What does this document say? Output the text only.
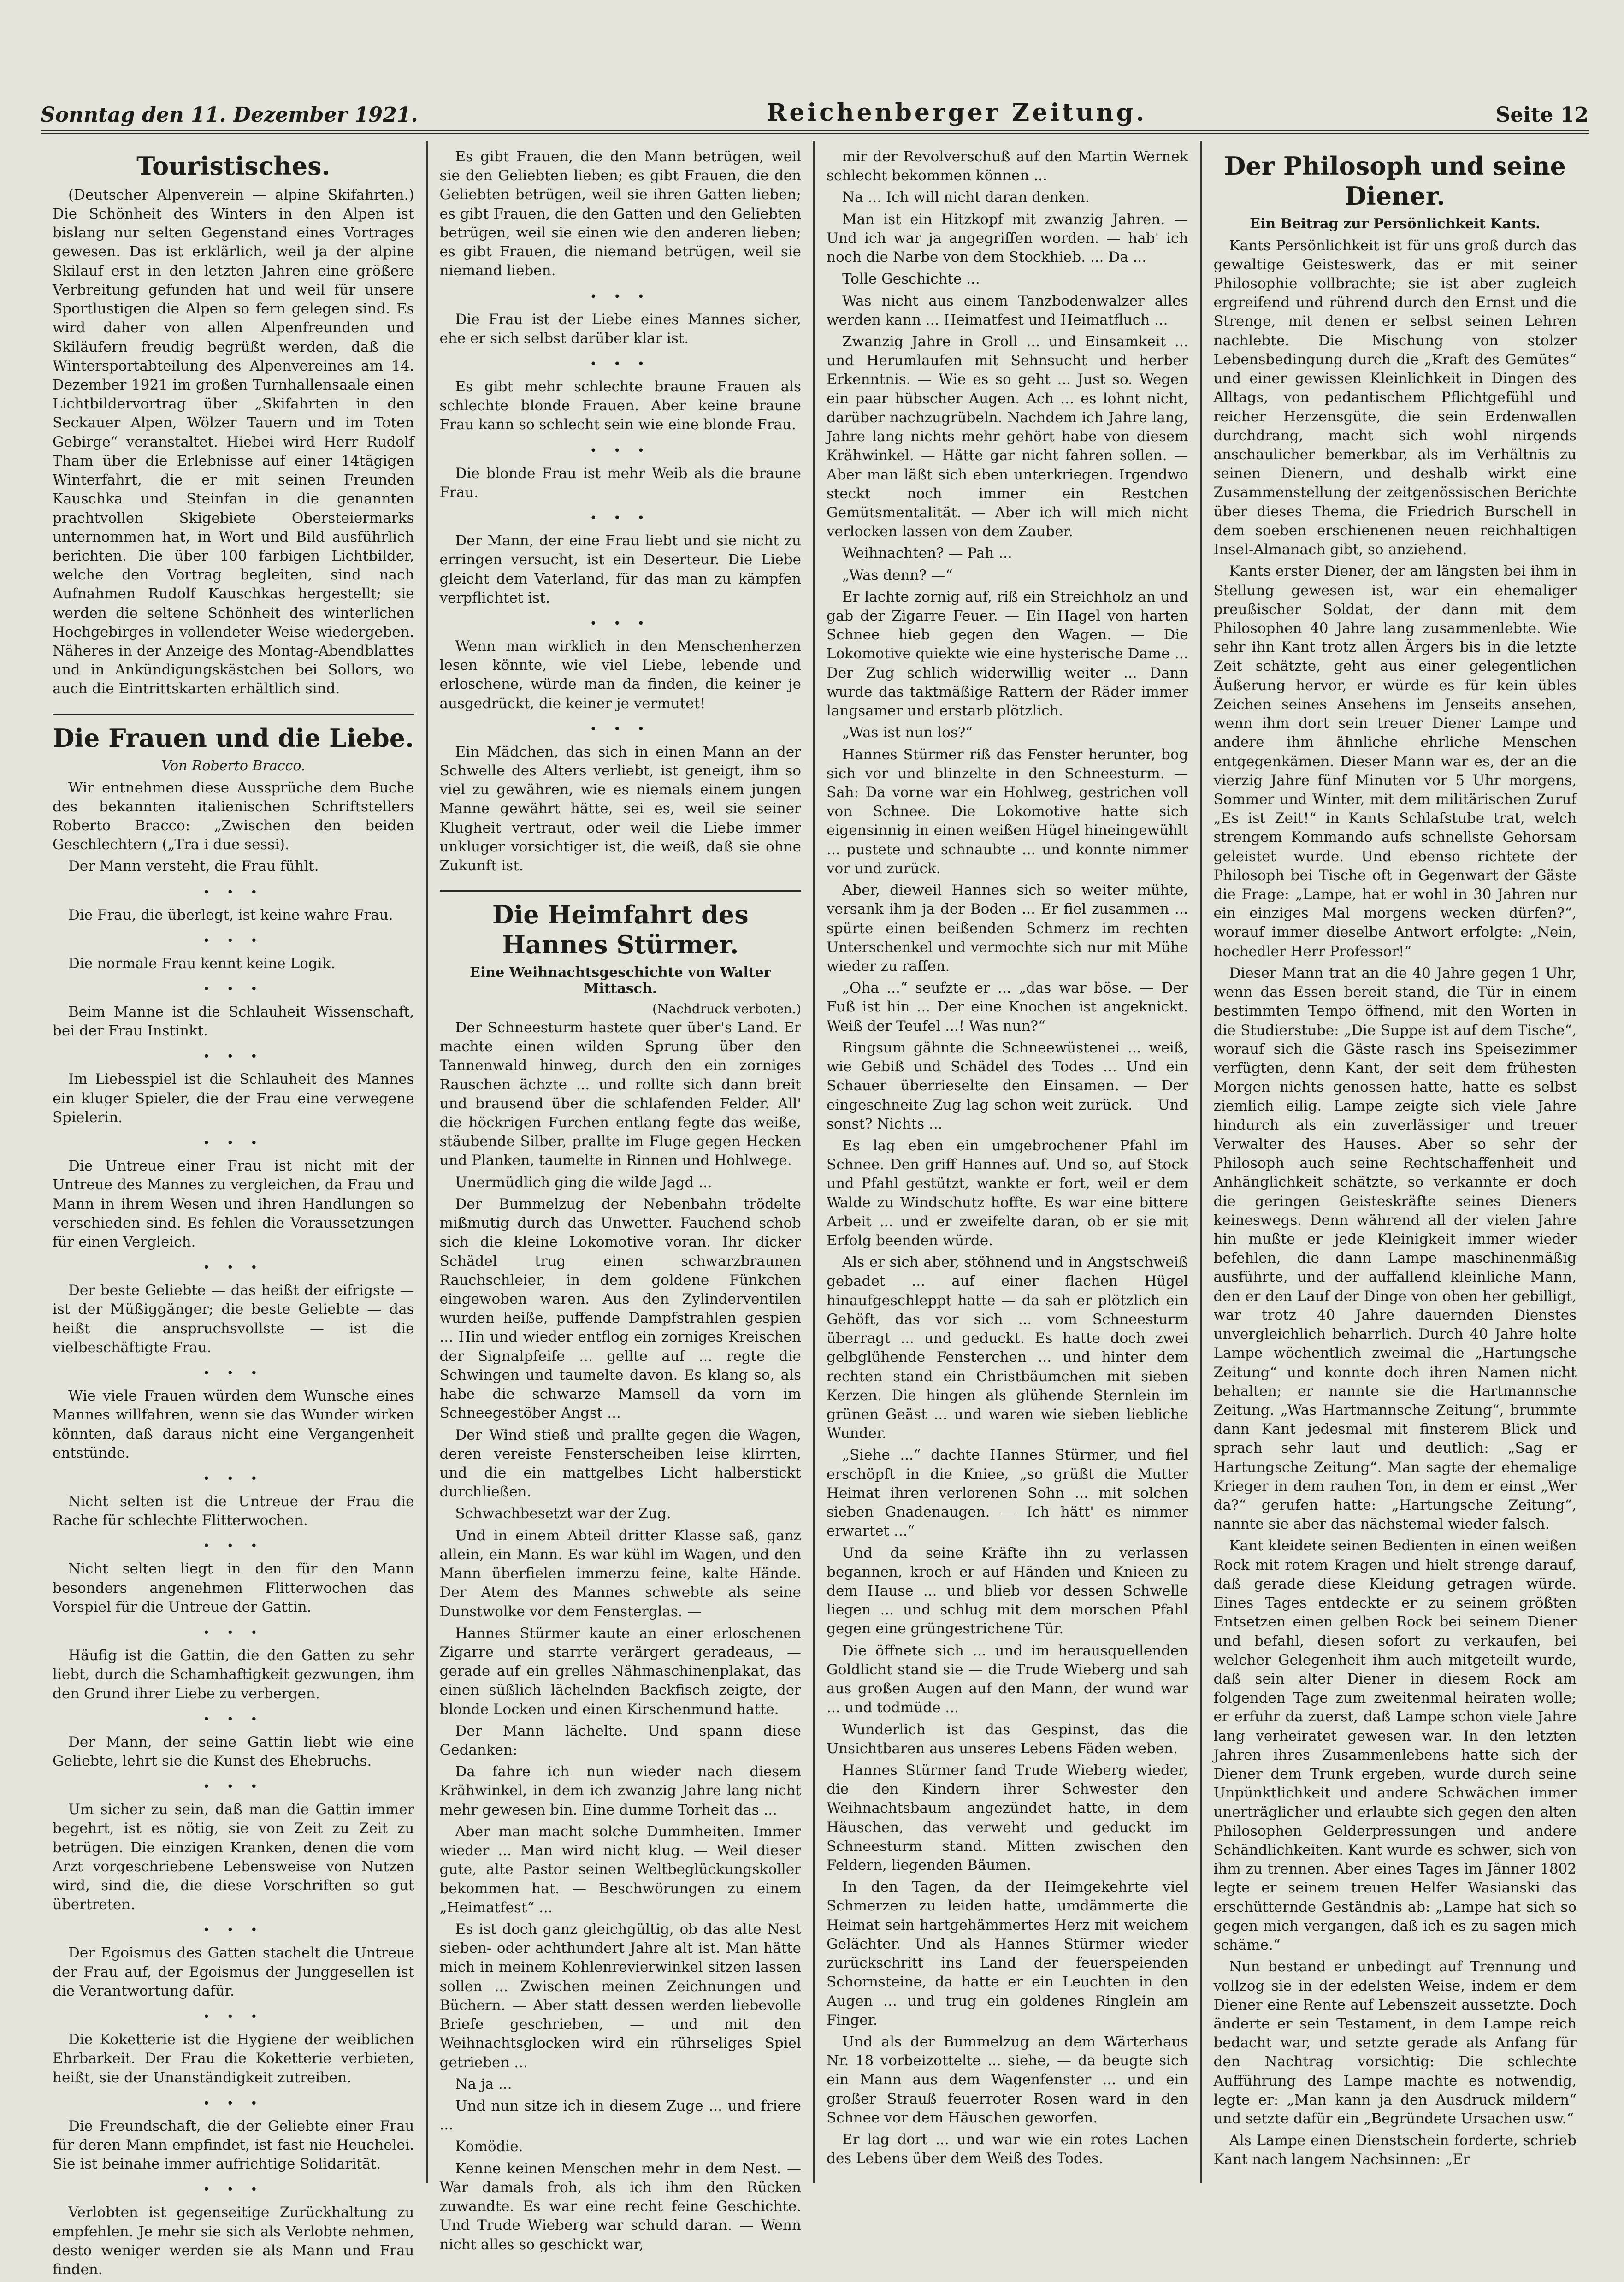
Sonntag den 11. Dezember 1921.	Reichenberger Zeitung.	Seite 12
Touristisches.

(Deutscher Alpenverein — alpine Skifahrten.) Die Schönheit des Winters in den Alpen ist bislang nur selten Gegenstand eines Vortrages gewesen. Das ist erklärlich, weil ja der alpine Skilauf erst in den letzten Jahren eine größere Verbreitung gefunden hat und weil für unsere Sportlustigen die Alpen so fern gelegen sind. Es wird daher von allen Alpenfreunden und Skiläufern freudig begrüßt werden, daß die Wintersportabteilung des Alpenvereines am 14. Dezember 1921 im großen Turnhallensaale einen Lichtbildervortrag über „Skifahrten in den Seckauer Alpen, Wölzer Tauern und im Toten Gebirge“ veranstaltet. Hiebei wird Herr Rudolf Tham über die Erlebnisse auf einer 14tägigen Winterfahrt, die er mit seinen Freunden Kauschka und Steinfan in die genannten prachtvollen Skigebiete Obersteiermarks unternommen hat, in Wort und Bild ausführlich berichten. Die über 100 farbigen Lichtbilder, welche den Vortrag begleiten, sind nach Aufnahmen Rudolf Kauschkas hergestellt; sie werden die seltene Schönheit des winterlichen Hochgebirges in vollendeter Weise wiedergeben. Näheres in der Anzeige des Montag-Abendblattes und in Ankündigungskästchen bei Sollors, wo auch die Eintrittskarten erhältlich sind.

Die Frauen und die Liebe.
Von Roberto Bracco.

Wir entnehmen diese Aussprüche dem Buche des bekannten italienischen Schriftstellers Roberto Bracco: „Zwischen den beiden Geschlechtern („Tra i due sessi).

Der Mann versteht, die Frau fühlt.

• • •

Die Frau, die überlegt, ist keine wahre Frau.

• • •

Die normale Frau kennt keine Logik.

• • •

Beim Manne ist die Schlauheit Wissenschaft, bei der Frau Instinkt.

• • •

Im Liebesspiel ist die Schlauheit des Mannes ein kluger Spieler, die der Frau eine verwegene Spielerin.

• • •

Die Untreue einer Frau ist nicht mit der Untreue des Mannes zu vergleichen, da Frau und Mann in ihrem Wesen und ihren Handlungen so verschieden sind. Es fehlen die Voraussetzungen für einen Vergleich.

• • •

Der beste Geliebte — das heißt der eifrigste — ist der Müßiggänger; die beste Geliebte — das heißt die anspruchsvollste — ist die vielbeschäftigte Frau.

• • •

Wie viele Frauen würden dem Wunsche eines Mannes willfahren, wenn sie das Wunder wirken könnten, daß daraus nicht eine Vergangenheit entstünde.

• • •

Nicht selten ist die Untreue der Frau die Rache für schlechte Flitterwochen.

• • •

Nicht selten liegt in den für den Mann besonders angenehmen Flitterwochen das Vorspiel für die Untreue der Gattin.

• • •

Häufig ist die Gattin, die den Gatten zu sehr liebt, durch die Schamhaftigkeit gezwungen, ihm den Grund ihrer Liebe zu verbergen.

• • •

Der Mann, der seine Gattin liebt wie eine Geliebte, lehrt sie die Kunst des Ehebruchs.

• • •

Um sicher zu sein, daß man die Gattin immer begehrt, ist es nötig, sie von Zeit zu Zeit zu betrügen. Die einzigen Kranken, denen die vom Arzt vorgeschriebene Lebensweise von Nutzen wird, sind die, die diese Vorschriften so gut übertreten.

• • •

Der Egoismus des Gatten stachelt die Untreue der Frau auf, der Egoismus der Junggesellen ist die Verantwortung dafür.

• • •

Die Koketterie ist die Hygiene der weiblichen Ehrbarkeit. Der Frau die Koketterie verbieten, heißt, sie der Unanständigkeit zutreiben.

• • •

Die Freundschaft, die der Geliebte einer Frau für deren Mann empfindet, ist fast nie Heuchelei. Sie ist beinahe immer aufrichtige Solidarität.

• • •

Verlobten ist gegenseitige Zurückhaltung zu empfehlen. Je mehr sie sich als Verlobte nehmen, desto weniger werden sie als Mann und Frau finden.

Es gibt Frauen, die den Mann betrügen, weil sie den Geliebten lieben; es gibt Frauen, die den Geliebten betrügen, weil sie ihren Gatten lieben; es gibt Frauen, die den Gatten und den Geliebten betrügen, weil sie einen wie den anderen lieben; es gibt Frauen, die niemand betrügen, weil sie niemand lieben.

• • •

Die Frau ist der Liebe eines Mannes sicher, ehe er sich selbst darüber klar ist.

• • •

Es gibt mehr schlechte braune Frauen als schlechte blonde Frauen. Aber keine braune Frau kann so schlecht sein wie eine blonde Frau.

• • •

Die blonde Frau ist mehr Weib als die braune Frau.

• • •

Der Mann, der eine Frau liebt und sie nicht zu erringen versucht, ist ein Deserteur. Die Liebe gleicht dem Vaterland, für das man zu kämpfen verpflichtet ist.

• • •

Wenn man wirklich in den Menschenherzen lesen könnte, wie viel Liebe, lebende und erloschene, würde man da finden, die keiner je ausgedrückt, die keiner je vermutet!

• • •

Ein Mädchen, das sich in einen Mann an der Schwelle des Alters verliebt, ist geneigt, ihm so viel zu gewähren, wie es niemals einem jungen Manne gewährt hätte, sei es, weil sie seiner Klugheit vertraut, oder weil die Liebe immer unkluger vorsichtiger ist, die weiß, daß sie ohne Zukunft ist.

Die Heimfahrt des Hannes Stürmer.
Eine Weihnachtsgeschichte von Walter Mittasch.
(Nachdruck verboten.)

Der Schneesturm hastete quer über's Land. Er machte einen wilden Sprung über den Tannenwald hinweg, durch den ein zorniges Rauschen ächzte ... und rollte sich dann breit und brausend über die schlafenden Felder. All' die höckrigen Furchen entlang fegte das weiße, stäubende Silber, prallte im Fluge gegen Hecken und Planken, taumelte in Rinnen und Hohlwege.

Unermüdlich ging die wilde Jagd ...

Der Bummelzug der Nebenbahn trödelte mißmutig durch das Unwetter. Fauchend schob sich die kleine Lokomotive voran. Ihr dicker Schädel trug einen schwarzbraunen Rauchschleier, in dem goldene Fünkchen eingewoben waren. Aus den Zylinderventilen wurden heiße, puffende Dampfstrahlen gespien ... Hin und wieder entflog ein zorniges Kreischen der Signalpfeife ... gellte auf ... regte die Schwingen und taumelte davon. Es klang so, als habe die schwarze Mamsell da vorn im Schneegestöber Angst ...

Der Wind stieß und prallte gegen die Wagen, deren vereiste Fensterscheiben leise klirrten, und die ein mattgelbes Licht halberstickt durchließen.

Schwachbesetzt war der Zug.

Und in einem Abteil dritter Klasse saß, ganz allein, ein Mann. Es war kühl im Wagen, und den Mann überfielen immerzu feine, kalte Hände. Der Atem des Mannes schwebte als seine Dunstwolke vor dem Fensterglas. —

Hannes Stürmer kaute an einer erloschenen Zigarre und starrte verärgert geradeaus, — gerade auf ein grelles Nähmaschinenplakat, das einen süßlich lächelnden Backfisch zeigte, der blonde Locken und einen Kirschenmund hatte.

Der Mann lächelte. Und spann diese Gedanken:

Da fahre ich nun wieder nach diesem Krähwinkel, in dem ich zwanzig Jahre lang nicht mehr gewesen bin. Eine dumme Torheit das ...

Aber man macht solche Dummheiten. Immer wieder ... Man wird nicht klug. — Weil dieser gute, alte Pastor seinen Weltbeglückungskoller bekommen hat. — Beschwörungen zu einem „Heimatfest“ ...

Es ist doch ganz gleichgültig, ob das alte Nest sieben- oder achthundert Jahre alt ist. Man hätte mich in meinem Kohlenrevierwinkel sitzen lassen sollen ... Zwischen meinen Zeichnungen und Büchern. — Aber statt dessen werden liebevolle Briefe geschrieben, — und mit den Weihnachtsglocken wird ein rührseliges Spiel getrieben ...

Na ja ...

Und nun sitze ich in diesem Zuge ... und friere ...

Komödie.

Kenne keinen Menschen mehr in dem Nest. — War damals froh, als ich ihm den Rücken zuwandte. Es war eine recht feine Geschichte. Und Trude Wieberg war schuld daran. — Wenn nicht alles so geschickt war,

mir der Revolverschuß auf den Martin Wernek schlecht bekommen können ...

Na ... Ich will nicht daran denken.

Man ist ein Hitzkopf mit zwanzig Jahren. — Und ich war ja angegriffen worden. — hab' ich noch die Narbe von dem Stockhieb. ... Da ...

Tolle Geschichte ...

Was nicht aus einem Tanzbodenwalzer alles werden kann ... Heimatfest und Heimatfluch ...

Zwanzig Jahre in Groll ... und Einsamkeit ... und Herumlaufen mit Sehnsucht und herber Erkenntnis. — Wie es so geht ... Just so. Wegen ein paar hübscher Augen. Ach ... es lohnt nicht, darüber nachzugrübeln. Nachdem ich Jahre lang, Jahre lang nichts mehr gehört habe von diesem Krähwinkel. — Hätte gar nicht fahren sollen. — Aber man läßt sich eben unterkriegen. Irgendwo steckt noch immer ein Restchen Gemütsmentalität. — Aber ich will mich nicht verlocken lassen von dem Zauber.

Weihnachten? — Pah ...

„Was denn? —“

Er lachte zornig auf, riß ein Streichholz an und gab der Zigarre Feuer. — Ein Hagel von harten Schnee hieb gegen den Wagen. — Die Lokomotive quiekte wie eine hysterische Dame ... Der Zug schlich widerwillig weiter ... Dann wurde das taktmäßige Rattern der Räder immer langsamer und erstarb plötzlich.

„Was ist nun los?“

Hannes Stürmer riß das Fenster herunter, bog sich vor und blinzelte in den Schneesturm. — Sah: Da vorne war ein Hohlweg, gestrichen voll von Schnee. Die Lokomotive hatte sich eigensinnig in einen weißen Hügel hineingewühlt ... pustete und schnaubte ... und konnte nimmer vor und zurück.

Aber, dieweil Hannes sich so weiter mühte, versank ihm ja der Boden ... Er fiel zusammen ... spürte einen beißenden Schmerz im rechten Unterschenkel und vermochte sich nur mit Mühe wieder zu raffen.

„Oha ...“ seufzte er ... „das war böse. — Der Fuß ist hin ... Der eine Knochen ist angeknickt. Weiß der Teufel ...! Was nun?“

Ringsum gähnte die Schneewüstenei ... weiß, wie Gebiß und Schädel des Todes ... Und ein Schauer überrieselte den Einsamen. — Der eingeschneite Zug lag schon weit zurück. — Und sonst? Nichts ...

Es lag eben ein umgebrochener Pfahl im Schnee. Den griff Hannes auf. Und so, auf Stock und Pfahl gestützt, wankte er fort, weil er dem Walde zu Windschutz hoffte. Es war eine bittere Arbeit ... und er zweifelte daran, ob er sie mit Erfolg beenden würde.

Als er sich aber, stöhnend und in Angstschweiß gebadet ... auf einer flachen Hügel hinaufgeschleppt hatte — da sah er plötzlich ein Gehöft, das vor sich ... vom Schneesturm überragt ... und geduckt. Es hatte doch zwei gelbglühende Fensterchen ... und hinter dem rechten stand ein Christbäumchen mit sieben Kerzen. Die hingen als glühende Sternlein im grünen Geäst ... und waren wie sieben liebliche Wunder.

„Siehe ...“ dachte Hannes Stürmer, und fiel erschöpft in die Kniee, „so grüßt die Mutter Heimat ihren verlorenen Sohn ... mit solchen sieben Gnadenaugen. — Ich hätt' es nimmer erwartet ...“

Und da seine Kräfte ihn zu verlassen begannen, kroch er auf Händen und Knieen zu dem Hause ... und blieb vor dessen Schwelle liegen ... und schlug mit dem morschen Pfahl gegen eine grüngestrichene Tür.

Die öffnete sich ... und im herausquellenden Goldlicht stand sie — die Trude Wieberg und sah aus großen Augen auf den Mann, der wund war ... und todmüde ...

Wunderlich ist das Gespinst, das die Unsichtbaren aus unseres Lebens Fäden weben.

Hannes Stürmer fand Trude Wieberg wieder, die den Kindern ihrer Schwester den Weihnachtsbaum angezündet hatte, in dem Häuschen, das verweht und geduckt im Schneesturm stand. Mitten zwischen den Feldern, liegenden Bäumen.

In den Tagen, da der Heimgekehrte viel Schmerzen zu leiden hatte, umdämmerte die Heimat sein hartgehämmertes Herz mit weichem Gelächter. Und als Hannes Stürmer wieder zurückschritt ins Land der feuerspeienden Schornsteine, da hatte er ein Leuchten in den Augen ... und trug ein goldenes Ringlein am Finger.

Und als der Bummelzug an dem Wärterhaus Nr. 18 vorbeizottelte ... siehe, — da beugte sich ein Mann aus dem Wagenfenster ... und ein großer Strauß feuerroter Rosen ward in den Schnee vor dem Häuschen geworfen.

Er lag dort ... und war wie ein rotes Lachen des Lebens über dem Weiß des Todes.

Der Philosoph und seine Diener.
Ein Beitrag zur Persönlichkeit Kants.

Kants Persönlichkeit ist für uns groß durch das gewaltige Geisteswerk, das er mit seiner Philosophie vollbrachte; sie ist aber zugleich ergreifend und rührend durch den Ernst und die Strenge, mit denen er selbst seinen Lehren nachlebte. Die Mischung von stolzer Lebensbedingung durch die „Kraft des Gemütes“ und einer gewissen Kleinlichkeit in Dingen des Alltags, von pedantischem Pflichtgefühl und reicher Herzensgüte, die sein Erdenwallen durchdrang, macht sich wohl nirgends anschaulicher bemerkbar, als im Verhältnis zu seinen Dienern, und deshalb wirkt eine Zusammenstellung der zeitgenössischen Berichte über dieses Thema, die Friedrich Burschell in dem soeben erschienenen neuen reichhaltigen Insel-Almanach gibt, so anziehend.

Kants erster Diener, der am längsten bei ihm in Stellung gewesen ist, war ein ehemaliger preußischer Soldat, der dann mit dem Philosophen 40 Jahre lang zusammenlebte. Wie sehr ihn Kant trotz allen Ärgers bis in die letzte Zeit schätzte, geht aus einer gelegentlichen Äußerung hervor, er würde es für kein übles Zeichen seines Ansehens im Jenseits ansehen, wenn ihm dort sein treuer Diener Lampe und andere ihm ähnliche ehrliche Menschen entgegenkämen. Dieser Mann war es, der an die vierzig Jahre fünf Minuten vor 5 Uhr morgens, Sommer und Winter, mit dem militärischen Zuruf „Es ist Zeit!“ in Kants Schlafstube trat, welch strengem Kommando aufs schnellste Gehorsam geleistet wurde. Und ebenso richtete der Philosoph bei Tische oft in Gegenwart der Gäste die Frage: „Lampe, hat er wohl in 30 Jahren nur ein einziges Mal morgens wecken dürfen?“, worauf immer dieselbe Antwort erfolgte: „Nein, hochedler Herr Professor!“

Dieser Mann trat an die 40 Jahre gegen 1 Uhr, wenn das Essen bereit stand, die Tür in einem bestimmten Tempo öffnend, mit den Worten in die Studierstube: „Die Suppe ist auf dem Tische“, worauf sich die Gäste rasch ins Speisezimmer verfügten, denn Kant, der seit dem frühesten Morgen nichts genossen hatte, hatte es selbst ziemlich eilig. Lampe zeigte sich viele Jahre hindurch als ein zuverlässiger und treuer Verwalter des Hauses. Aber so sehr der Philosoph auch seine Rechtschaffenheit und Anhänglichkeit schätzte, so verkannte er doch die geringen Geisteskräfte seines Dieners keineswegs. Denn während all der vielen Jahre hin mußte er jede Kleinigkeit immer wieder befehlen, die dann Lampe maschinenmäßig ausführte, und der auffallend kleinliche Mann, den er den Lauf der Dinge von oben her gebilligt, war trotz 40 Jahre dauernden Dienstes unvergleichlich beharrlich. Durch 40 Jahre holte Lampe wöchentlich zweimal die „Hartungsche Zeitung“ und konnte doch ihren Namen nicht behalten; er nannte sie die Hartmannsche Zeitung. „Was Hartmannsche Zeitung“, brummte dann Kant jedesmal mit finsterem Blick und sprach sehr laut und deutlich: „Sag er Hartungsche Zeitung“. Man sagte der ehemalige Krieger in dem rauhen Ton, in dem er einst „Wer da?“ gerufen hatte: „Hartungsche Zeitung“, nannte sie aber das nächstemal wieder falsch.

Kant kleidete seinen Bedienten in einen weißen Rock mit rotem Kragen und hielt strenge darauf, daß gerade diese Kleidung getragen würde. Eines Tages entdeckte er zu seinem größten Entsetzen einen gelben Rock bei seinem Diener und befahl, diesen sofort zu verkaufen, bei welcher Gelegenheit ihm auch mitgeteilt wurde, daß sein alter Diener in diesem Rock am folgenden Tage zum zweitenmal heiraten wolle; er erfuhr da zuerst, daß Lampe schon viele Jahre lang verheiratet gewesen war. In den letzten Jahren ihres Zusammenlebens hatte sich der Diener dem Trunk ergeben, wurde durch seine Unpünktlichkeit und andere Schwächen immer unerträglicher und erlaubte sich gegen den alten Philosophen Gelderpressungen und andere Schändlichkeiten. Kant wurde es schwer, sich von ihm zu trennen. Aber eines Tages im Jänner 1802 legte er seinem treuen Helfer Wasianski das erschütternde Geständnis ab: „Lampe hat sich so gegen mich vergangen, daß ich es zu sagen mich schäme.“

Nun bestand er unbedingt auf Trennung und vollzog sie in der edelsten Weise, indem er dem Diener eine Rente auf Lebenszeit aussetzte. Doch änderte er sein Testament, in dem Lampe reich bedacht war, und setzte gerade als Anfang für den Nachtrag vorsichtig: Die schlechte Aufführung des Lampe machte es notwendig, legte er: „Man kann ja den Ausdruck mildern“ und setzte dafür ein „Begründete Ursachen usw.“

Als Lampe einen Dienstschein forderte, schrieb Kant nach langem Nachsinnen: „Er
